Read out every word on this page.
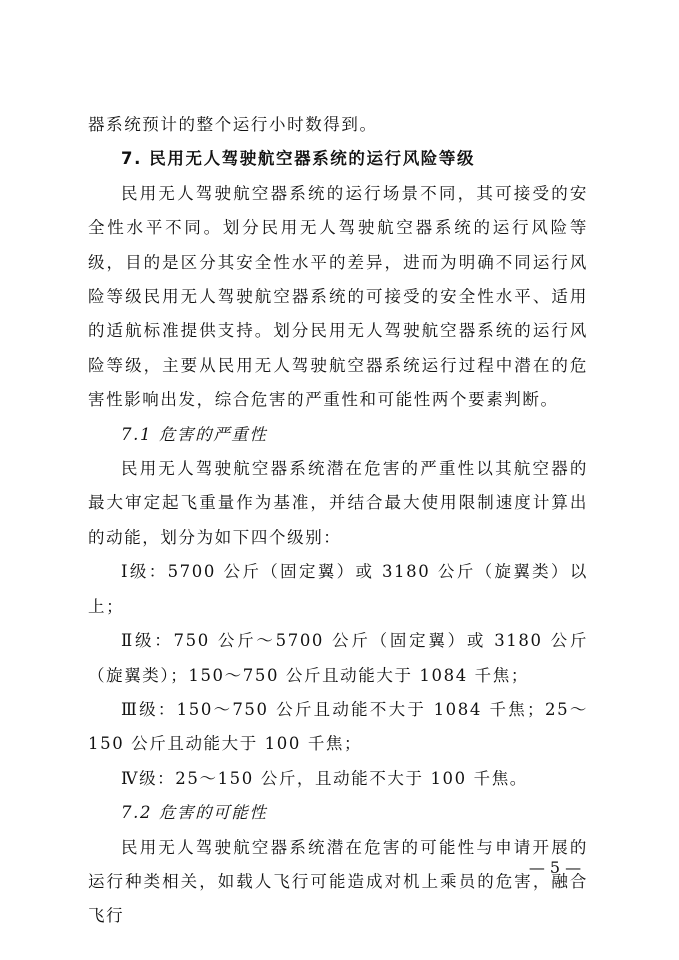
器系统预计的整个运行小时数得到。

7. 民用无人驾驶航空器系统的运行风险等级

民用无人驾驶航空器系统的运行场景不同，其可接受的安全性水平不同。划分民用无人驾驶航空器系统的运行风险等级，目的是区分其安全性水平的差异，进而为明确不同运行风险等级民用无人驾驶航空器系统的可接受的安全性水平、适用的适航标准提供支持。划分民用无人驾驶航空器系统的运行风险等级，主要从民用无人驾驶航空器系统运行过程中潜在的危害性影响出发，综合危害的严重性和可能性两个要素判断。

7.1 危害的严重性

民用无人驾驶航空器系统潜在危害的严重性以其航空器的最大审定起飞重量作为基准，并结合最大使用限制速度计算出的动能，划分为如下四个级别：

Ⅰ级：5700 公斤（固定翼）或 3180 公斤（旋翼类）以上；

Ⅱ级：750 公斤～5700 公斤（固定翼）或 3180 公斤（旋翼类）；150～750 公斤且动能大于 1084 千焦；

Ⅲ级：150～750 公斤且动能不大于 1084 千焦；25～150 公斤且动能大于 100 千焦；

Ⅳ级：25～150 公斤，且动能不大于 100 千焦。

7.2 危害的可能性

民用无人驾驶航空器系统潜在危害的可能性与申请开展的运行种类相关，如载人飞行可能造成对机上乘员的危害，融合飞行

— 5 —
